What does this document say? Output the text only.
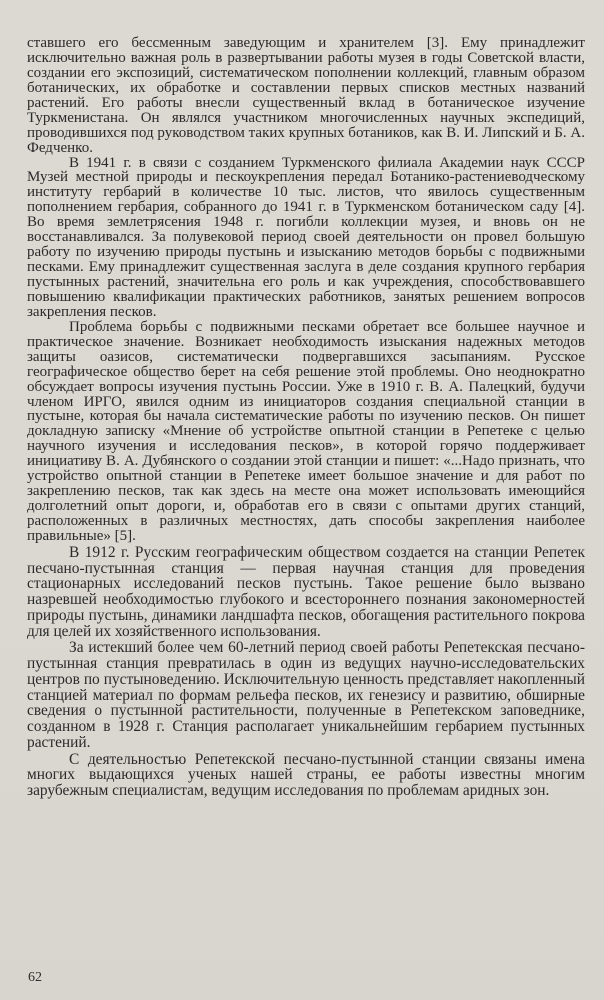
ставшего его бессменным заведующим и хранителем [3]. Ему принадлежит исключительно важная роль в развертывании работы музея в годы Советской власти, создании его экспозиций, систематическом пополнении коллекций, главным образом ботанических, их обработке и составлении первых списков местных названий растений. Его работы внесли существенный вклад в ботаническое изучение Туркменистана. Он являлся участником многочисленных научных экспедиций, проводившихся под руководством таких крупных ботаников, как В. И. Липский и Б. А. Федченко.

В 1941 г. в связи с созданием Туркменского филиала Академии наук СССР Музей местной природы и пескоукрепления передал Ботанико-растениеводческому институту гербарий в количестве 10 тыс. листов, что явилось существенным пополнением гербария, собранного до 1941 г. в Туркменском ботаническом саду [4]. Во время землетрясения 1948 г. погибли коллекции музея, и вновь он не восстанавливался. За полувековой период своей деятельности он провел большую работу по изучению природы пустынь и изысканию методов борьбы с подвижными песками. Ему принадлежит существенная заслуга в деле создания крупного гербария пустынных растений, значительна его роль и как учреждения, способствовавшего повышению квалификации практических работников, занятых решением вопросов закрепления песков.

Проблема борьбы с подвижными песками обретает все большее научное и практическое значение. Возникает необходимость изыскания надежных методов защиты оазисов, систематически подвергавшихся засыпаниям. Русское географическое общество берет на себя решение этой проблемы. Оно неоднократно обсуждает вопросы изучения пустынь России. Уже в 1910 г. В. А. Палецкий, будучи членом ИРГО, явился одним из инициаторов создания специальной станции в пустыне, которая бы начала систематические работы по изучению песков. Он пишет докладную записку «Мнение об устройстве опытной станции в Репетеке с целью научного изучения и исследования песков», в которой горячо поддерживает инициативу В. А. Дубянского о создании этой станции и пишет: «...Надо признать, что устройство опытной станции в Репетеке имеет большое значение и для работ по закреплению песков, так как здесь на месте она может использовать имеющийся долголетний опыт дороги, и, обработав его в связи с опытами других станций, расположенных в различных местностях, дать способы закрепления наиболее правильные» [5].

В 1912 г. Русским географическим обществом создается на станции Репетек песчано-пустынная станция — первая научная станция для проведения стационарных исследований песков пустынь. Такое решение было вызвано назревшей необходимостью глубокого и всестороннего познания закономерностей природы пустынь, динамики ландшафта песков, обогащения растительного покрова для целей их хозяйственного использования.

За истекший более чем 60-летний период своей работы Репетекская песчано-пустынная станция превратилась в один из ведущих научно-исследовательских центров по пустыноведению. Исключительную ценность представляет накопленный станцией материал по формам рельефа песков, их генезису и развитию, обширные сведения о пустынной растительности, полученные в Репетекском заповеднике, созданном в 1928 г. Станция располагает уникальнейшим гербарием пустынных растений.

С деятельностью Репетекской песчано-пустынной станции связаны имена многих выдающихся ученых нашей страны, ее работы известны многим зарубежным специалистам, ведущим исследования по проблемам аридных зон.

62
